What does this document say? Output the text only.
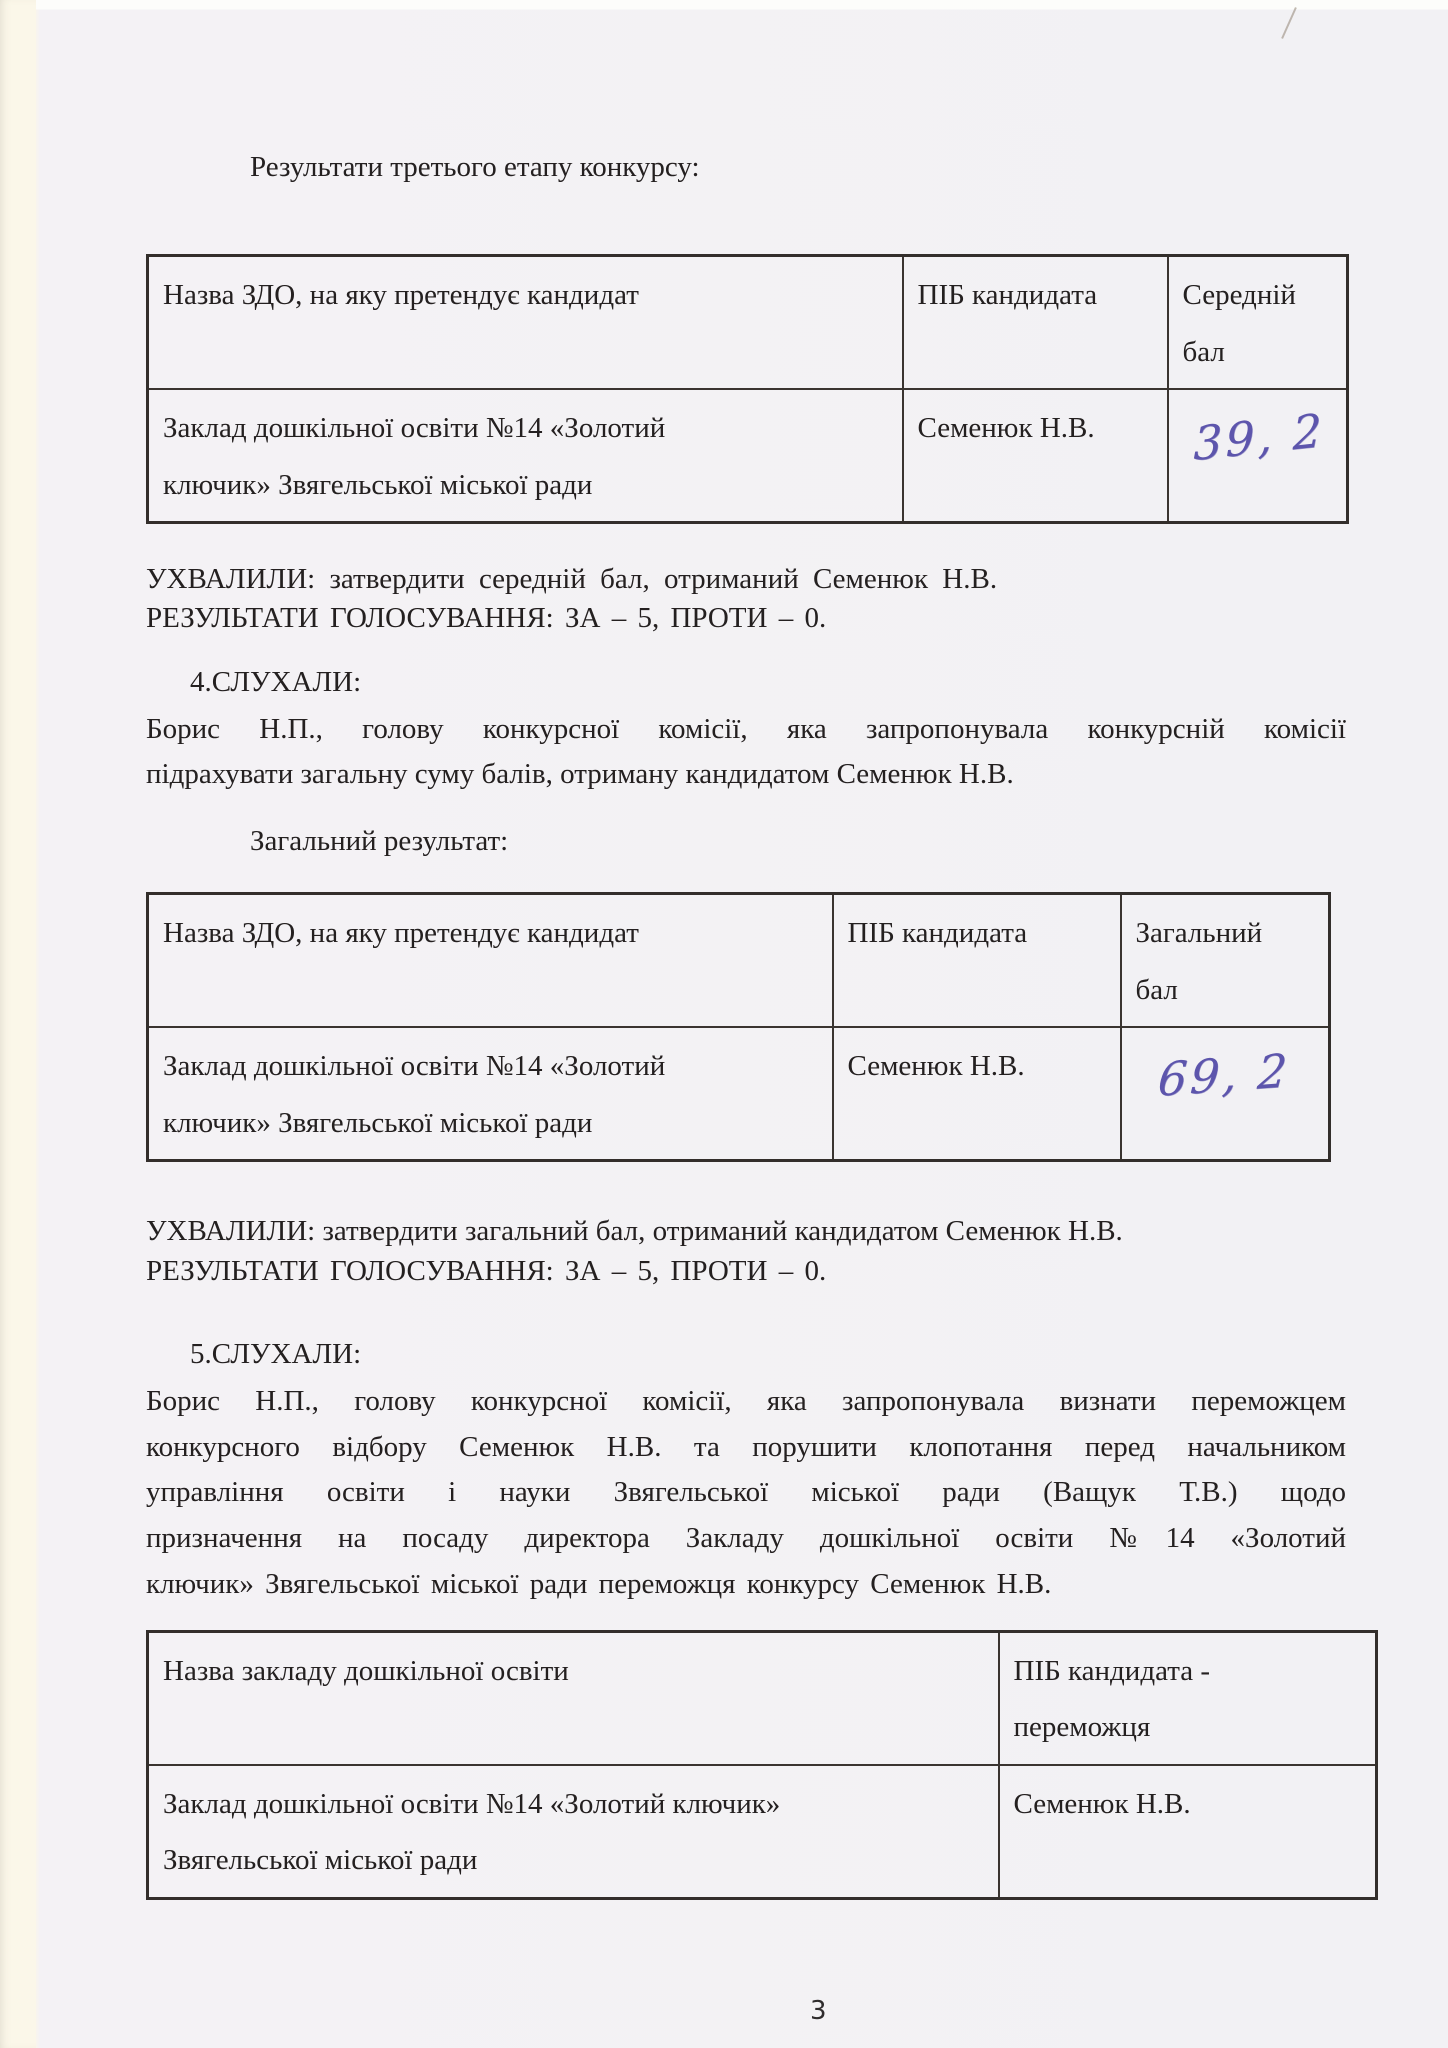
Результати третього етапу конкурсу:
Назва ЗДО, на яку претендує кандидат	ПІБ кандидата	Середній бал
Заклад дошкільної освіти №14 «Золотий ключик» Звягельської міської ради	Семенюк Н.В.	39, 2
УХВАЛИЛИ: затвердити середній бал, отриманий Семенюк Н.В.
РЕЗУЛЬТАТИ ГОЛОСУВАННЯ: ЗА – 5, ПРОТИ – 0.
4.СЛУХАЛИ:
Борис Н.П., голову конкурсної комісії, яка запропонувала конкурсній комісії
підрахувати загальну суму балів, отриману кандидатом Семенюк Н.В.
Загальний результат:
Назва ЗДО, на яку претендує кандидат	ПІБ кандидата	Загальний бал
Заклад дошкільної освіти №14 «Золотий ключик» Звягельської міської ради	Семенюк Н.В.	69, 2
УХВАЛИЛИ: затвердити загальний бал, отриманий кандидатом Семенюк Н.В.
РЕЗУЛЬТАТИ ГОЛОСУВАННЯ: ЗА – 5, ПРОТИ – 0.
5.СЛУХАЛИ:
Борис Н.П., голову конкурсної комісії, яка запропонувала визнати переможцем
конкурсного відбору Семенюк Н.В. та порушити клопотання перед начальником
управління освіти і науки Звягельської міської ради (Ващук Т.В.) щодо
призначення на посаду директора Закладу дошкільної освіти №14 «Золотий
ключик» Звягельської міської ради переможця конкурсу Семенюк Н.В.
Назва закладу дошкільної освіти	ПІБ кандидата - переможця
Заклад дошкільної освіти №14 «Золотий ключик» Звягельської міської ради	Семенюк Н.В.
3
